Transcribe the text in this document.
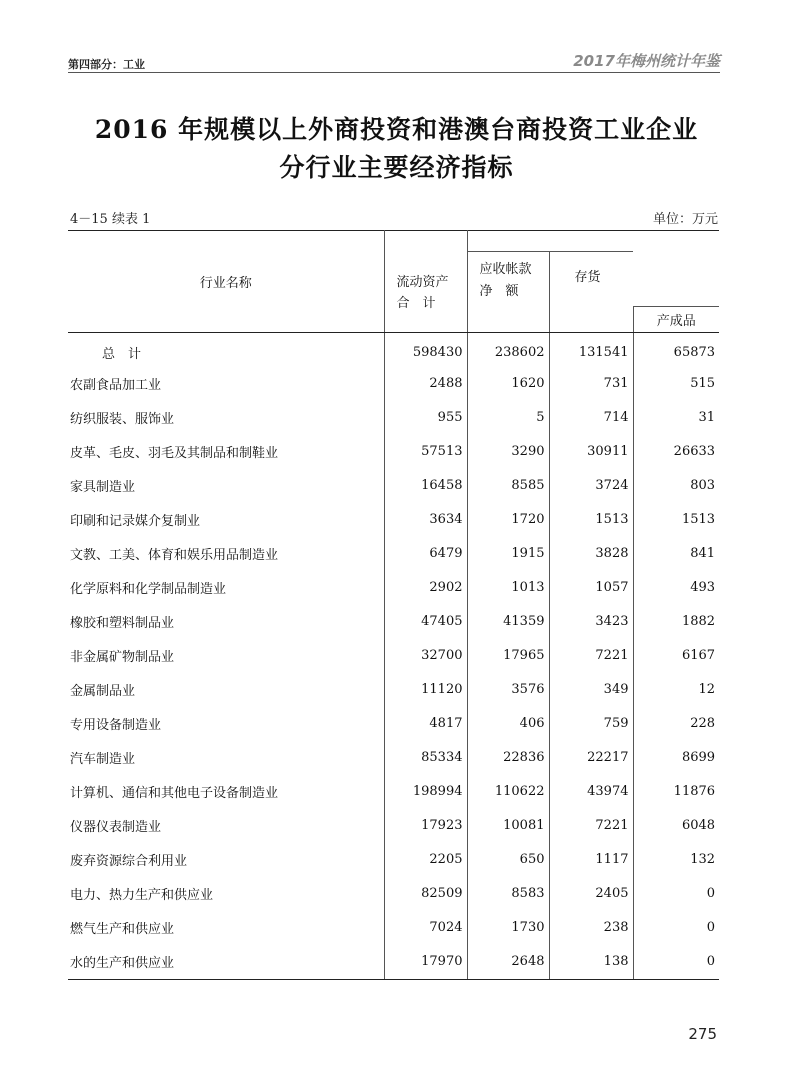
第四部分：工业	2017年梅州统计年鉴
2016 年规模以上外商投资和港澳台商投资工业企业
分行业主要经济指标
4－15 续表 1	单位：万元
行业名称	流动资产
合　计			

		应收帐款
净　额	存货	

				产成品
总　计	598430	238602	131541	65873
农副食品加工业	2488	1620	731	515
纺织服装、服饰业	955	5	714	31
皮革、毛皮、羽毛及其制品和制鞋业	57513	3290	30911	26633
家具制造业	16458	8585	3724	803
印刷和记录媒介复制业	3634	1720	1513	1513
文教、工美、体育和娱乐用品制造业	6479	1915	3828	841
化学原料和化学制品制造业	2902	1013	1057	493
橡胶和塑料制品业	47405	41359	3423	1882
非金属矿物制品业	32700	17965	7221	6167
金属制品业	11120	3576	349	12
专用设备制造业	4817	406	759	228
汽车制造业	85334	22836	22217	8699
计算机、通信和其他电子设备制造业	198994	110622	43974	11876
仪器仪表制造业	17923	10081	7221	6048
废弃资源综合利用业	2205	650	1117	132
电力、热力生产和供应业	82509	8583	2405	0
燃气生产和供应业	7024	1730	238	0
水的生产和供应业	17970	2648	138	0
275
